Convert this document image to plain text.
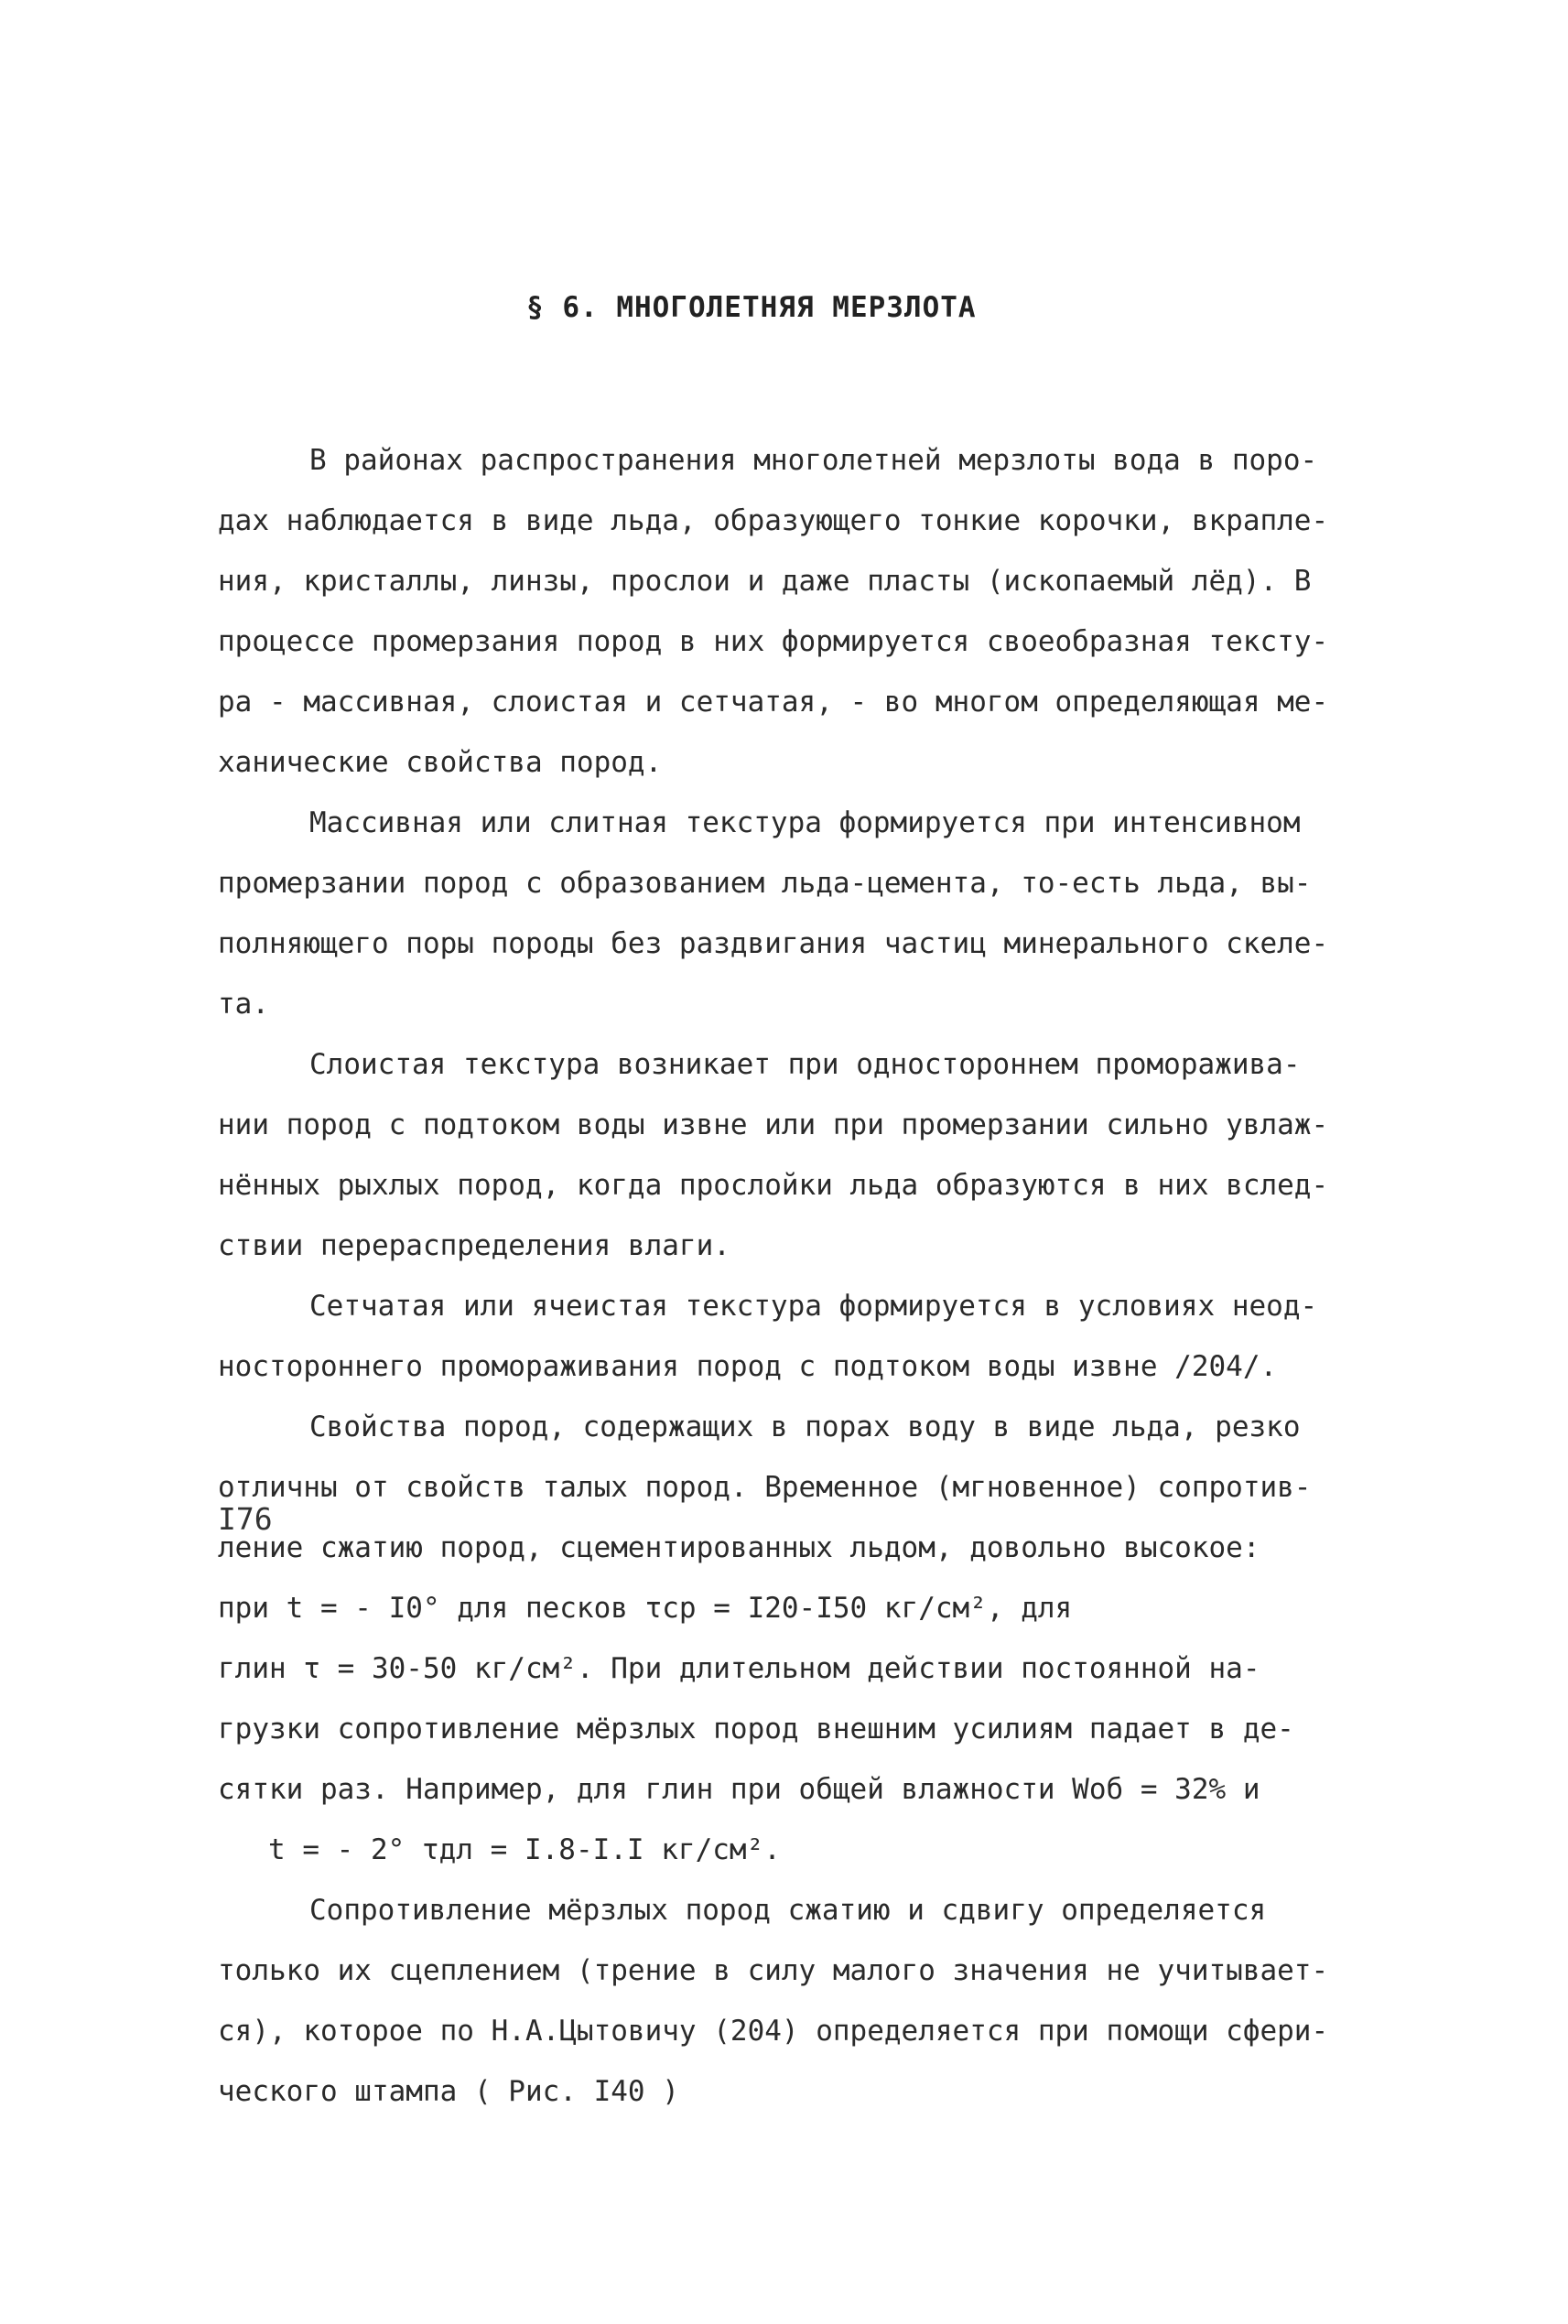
§ 6. МНОГОЛЕТНЯЯ МЕРЗЛОТА
В районах распространения многолетней мерзлоты вода в поро-
дах наблюдается в виде льда, образующего тонкие корочки, вкрапле-
ния, кристаллы, линзы, прослои и даже пласты (ископаемый лёд). В
процессе промерзания пород в них формируется своеобразная тексту-
ра - массивная, слоистая и сетчатая, - во многом определяющая ме-
ханические свойства пород.
Массивная или слитная текстура формируется при интенсивном
промерзании пород с образованием льда-цемента, то-есть льда, вы-
полняющего поры породы без раздвигания частиц минерального скеле-
та.
Слоистая текстура возникает при одностороннем проморажива-
нии пород с подтоком воды извне или при промерзании сильно увлаж-
нённых рыхлых пород, когда прослойки льда образуются в них вслед-
ствии перераспределения влаги.
Сетчатая или ячеистая текстура формируется в условиях неод-
ностороннего промораживания пород с подтоком воды извне /204/.
Свойства пород, содержащих в порах воду в виде льда, резко
отличны от свойств талых пород. Временное (мгновенное) сопротив-
ление сжатию пород, сцементированных льдом, довольно высокое:
при t = - I0° для песков τср = I20-I50 кг/см², для
глин τ = 30-50 кг/см². При длительном действии постоянной на-
грузки сопротивление мёрзлых пород внешним усилиям падает в де-
сятки раз. Например, для глин при общей влажности Wоб = 32% и
t = - 2° τдл = I.8-I.I кг/см².
Сопротивление мёрзлых пород сжатию и сдвигу определяется
только их сцеплением (трение в силу малого значения не учитывает-
ся), которое по Н.А.Цытовичу (204) определяется при помощи сфери-
ческого штампа ( Рис. I40 )
I76
